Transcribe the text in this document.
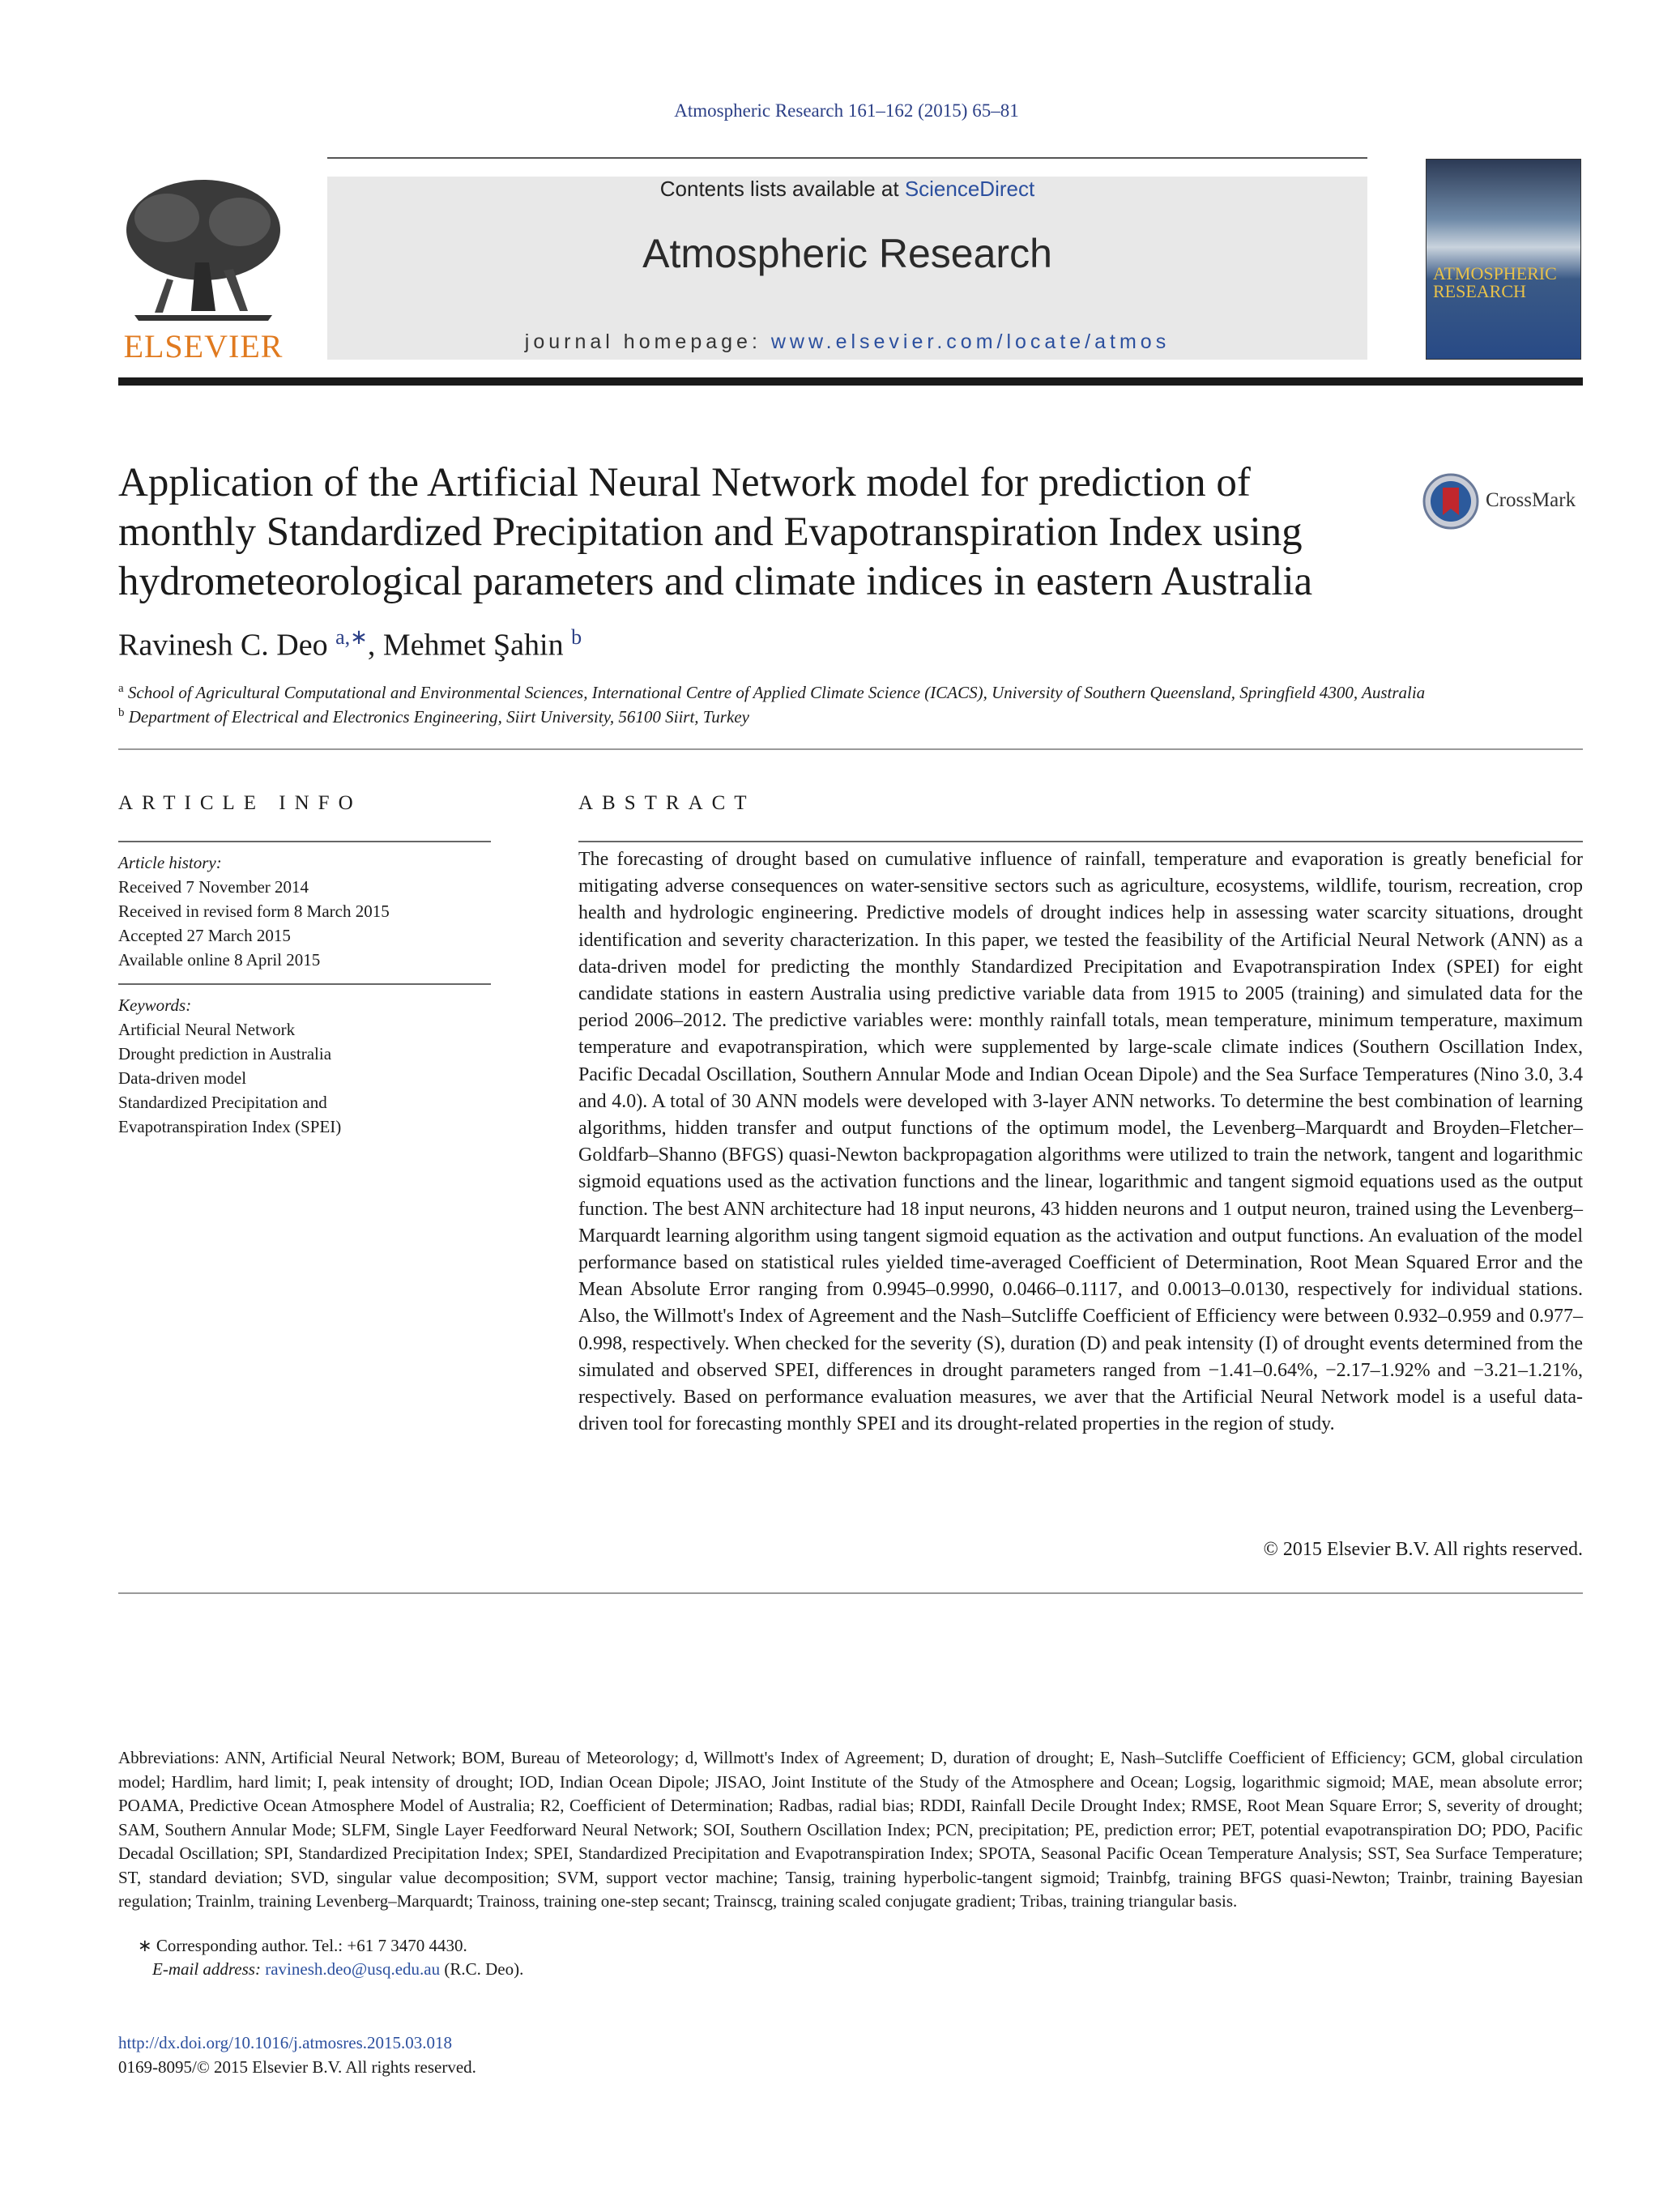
Atmospheric Research 161–162 (2015) 65–81
ELSEVIER
Contents lists available at ScienceDirect
Atmospheric Research
journal homepage: www.elsevier.com/locate/atmos
ATMOSPHERIC RESEARCH
Application of the Artificial Neural Network model for prediction of monthly Standardized Precipitation and Evapotranspiration Index using hydrometeorological parameters and climate indices in eastern Australia
CrossMark
Ravinesh C. Deo $^{a,∗}$, Mehmet Şahin $^b$
$^a$ School of Agricultural Computational and Environmental Sciences, International Centre of Applied Climate Science (ICACS), University of Southern Queensland, Springfield 4300, Australia
$^b$ Department of Electrical and Electronics Engineering, Siirt University, 56100 Siirt, Turkey
ARTICLE INFO	ABSTRACT
Article history:
Received 7 November 2014
Received in revised form 8 March 2015
Accepted 27 March 2015
Available online 8 April 2015
Keywords:
Artificial Neural Network
Drought prediction in Australia
Data-driven model
Standardized Precipitation and
Evapotranspiration Index (SPEI)
The forecasting of drought based on cumulative influence of rainfall, temperature and evaporation is greatly beneficial for mitigating adverse consequences on water-sensitive sectors such as agriculture, ecosystems, wildlife, tourism, recreation, crop health and hydrologic engineering. Predictive models of drought indices help in assessing water scarcity situations, drought identification and severity characterization. In this paper, we tested the feasibility of the Artificial Neural Network (ANN) as a data-driven model for predicting the monthly Standardized Precipitation and Evapotranspiration Index (SPEI) for eight candidate stations in eastern Australia using predictive variable data from 1915 to 2005 (training) and simulated data for the period 2006–2012. The predictive variables were: monthly rainfall totals, mean temperature, minimum temperature, maximum temperature and evapotranspiration, which were supplemented by large-scale climate indices (Southern Oscillation Index, Pacific Decadal Oscillation, Southern Annular Mode and Indian Ocean Dipole) and the Sea Surface Temperatures (Nino 3.0, 3.4 and 4.0). A total of 30 ANN models were developed with 3-layer ANN networks. To determine the best combination of learning algorithms, hidden transfer and output functions of the optimum model, the Levenberg–Marquardt and Broyden–Fletcher–Goldfarb–Shanno (BFGS) quasi-Newton backpropagation algorithms were utilized to train the network, tangent and logarithmic sigmoid equations used as the activation functions and the linear, logarithmic and tangent sigmoid equations used as the output function. The best ANN architecture had 18 input neurons, 43 hidden neurons and 1 output neuron, trained using the Levenberg–Marquardt learning algorithm using tangent sigmoid equation as the activation and output functions. An evaluation of the model performance based on statistical rules yielded time-averaged Coefficient of Determination, Root Mean Squared Error and the Mean Absolute Error ranging from 0.9945–0.9990, 0.0466–0.1117, and 0.0013–0.0130, respectively for individual stations. Also, the Willmott's Index of Agreement and the Nash–Sutcliffe Coefficient of Efficiency were between 0.932–0.959 and 0.977–0.998, respectively. When checked for the severity (S), duration (D) and peak intensity (I) of drought events determined from the simulated and observed SPEI, differences in drought parameters ranged from −1.41–0.64%, −2.17–1.92% and −3.21–1.21%, respectively. Based on performance evaluation measures, we aver that the Artificial Neural Network model is a useful data-driven tool for forecasting monthly SPEI and its drought-related properties in the region of study.
© 2015 Elsevier B.V. All rights reserved.
Abbreviations: ANN, Artificial Neural Network; BOM, Bureau of Meteorology; d, Willmott's Index of Agreement; D, duration of drought; E, Nash–Sutcliffe Coefficient of Efficiency; GCM, global circulation model; Hardlim, hard limit; I, peak intensity of drought; IOD, Indian Ocean Dipole; JISAO, Joint Institute of the Study of the Atmosphere and Ocean; Logsig, logarithmic sigmoid; MAE, mean absolute error; POAMA, Predictive Ocean Atmosphere Model of Australia; R2, Coefficient of Determination; Radbas, radial bias; RDDI, Rainfall Decile Drought Index; RMSE, Root Mean Square Error; S, severity of drought; SAM, Southern Annular Mode; SLFM, Single Layer Feedforward Neural Network; SOI, Southern Oscillation Index; PCN, precipitation; PE, prediction error; PET, potential evapotranspiration DO; PDO, Pacific Decadal Oscillation; SPI, Standardized Precipitation Index; SPEI, Standardized Precipitation and Evapotranspiration Index; SPOTA, Seasonal Pacific Ocean Temperature Analysis; SST, Sea Surface Temperature; ST, standard deviation; SVD, singular value decomposition; SVM, support vector machine; Tansig, training hyperbolic-tangent sigmoid; Trainbfg, training BFGS quasi-Newton; Trainbr, training Bayesian regulation; Trainlm, training Levenberg–Marquardt; Trainoss, training one-step secant; Trainscg, training scaled conjugate gradient; Tribas, training triangular basis.
∗ Corresponding author. Tel.: +61 7 3470 4430.
E-mail address: ravinesh.deo@usq.edu.au (R.C. Deo).
http://dx.doi.org/10.1016/j.atmosres.2015.03.018
0169-8095/© 2015 Elsevier B.V. All rights reserved.
